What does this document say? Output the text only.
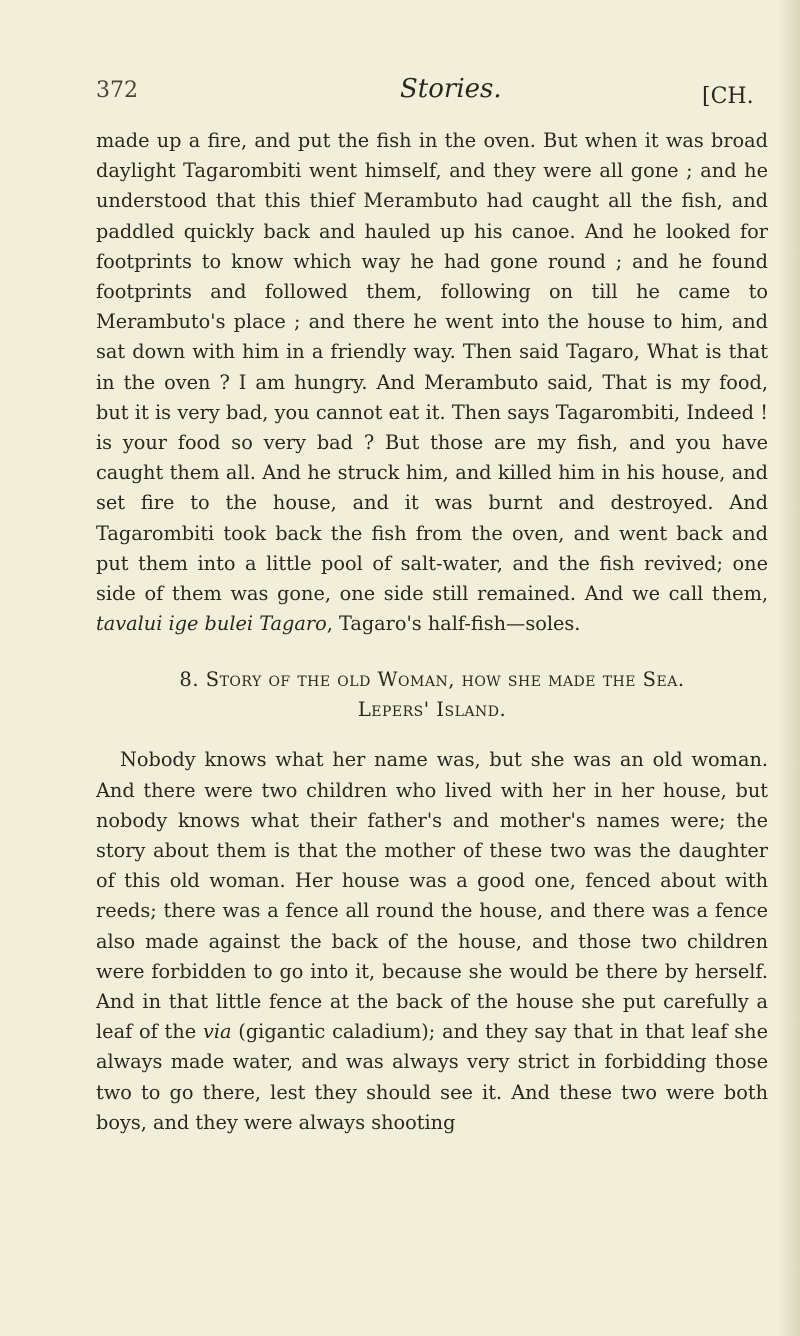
372	Stories.	[CH.

made up a fire, and put the fish in the oven. But when it was broad daylight Tagarombiti went himself, and they were all gone ; and he understood that this thief Merambuto had caught all the fish, and paddled quickly back and hauled up his canoe. And he looked for footprints to know which way he had gone round ; and he found footprints and followed them, following on till he came to Merambuto's place ; and there he went into the house to him, and sat down with him in a friendly way. Then said Tagaro, What is that in the oven ? I am hungry. And Merambuto said, That is my food, but it is very bad, you cannot eat it. Then says Tagarombiti, Indeed ! is your food so very bad ? But those are my fish, and you have caught them all. And he struck him, and killed him in his house, and set fire to the house, and it was burnt and destroyed. And Tagarombiti took back the fish from the oven, and went back and put them into a little pool of salt-water, and the fish revived; one side of them was gone, one side still remained. And we call them, tavalui ige bulei Tagaro, Tagaro's half-fish—soles.

8. Story of the old Woman, how she made the Sea.
Lepers' Island.

Nobody knows what her name was, but she was an old woman. And there were two children who lived with her in her house, but nobody knows what their father's and mother's names were; the story about them is that the mother of these two was the daughter of this old woman. Her house was a good one, fenced about with reeds; there was a fence all round the house, and there was a fence also made against the back of the house, and those two children were forbidden to go into it, because she would be there by herself. And in that little fence at the back of the house she put carefully a leaf of the via (gigantic caladium); and they say that in that leaf she always made water, and was always very strict in forbidding those two to go there, lest they should see it. And these two were both boys, and they were always shooting
